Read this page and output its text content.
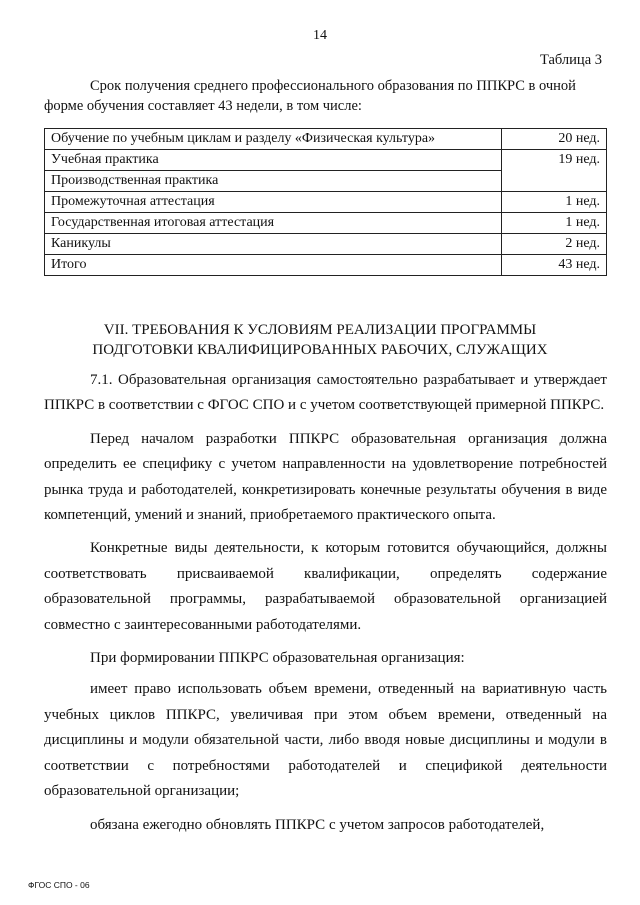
14
Таблица 3
Срок получения среднего профессионального образования по ППКРС в очной форме обучения составляет 43 недели, в том числе:
Обучение по учебным циклам и разделу «Физическая культура»	20 нед.
Учебная практика	19 нед.
Производственная практика	
Промежуточная аттестация	1 нед.
Государственная итоговая аттестация	1 нед.
Каникулы	2 нед.
Итого	43 нед.
VII. ТРЕБОВАНИЯ К УСЛОВИЯМ РЕАЛИЗАЦИИ ПРОГРАММЫ
ПОДГОТОВКИ КВАЛИФИЦИРОВАННЫХ РАБОЧИХ, СЛУЖАЩИХ

7.1. Образовательная организация самостоятельно разрабатывает и утверждает ППКРС в соответствии с ФГОС СПО и с учетом соответствующей примерной ППКРС.

Перед началом разработки ППКРС образовательная организация должна определить ее специфику с учетом направленности на удовлетворение потребностей рынка труда и работодателей, конкретизировать конечные результаты обучения в виде компетенций, умений и знаний, приобретаемого практического опыта.

Конкретные виды деятельности, к которым готовится обучающийся, должны соответствовать присваиваемой квалификации, определять содержание образовательной программы, разрабатываемой образовательной организацией совместно с заинтересованными работодателями.

При формировании ППКРС образовательная организация:

имеет право использовать объем времени, отведенный на вариативную часть учебных циклов ППКРС, увеличивая при этом объем времени, отведенный на дисциплины и модули обязательной части, либо вводя новые дисциплины и модули в соответствии с потребностями работодателей и спецификой деятельности образовательной организации;

обязана ежегодно обновлять ППКРС с учетом запросов работодателей,

ФГОС СПО - 06
